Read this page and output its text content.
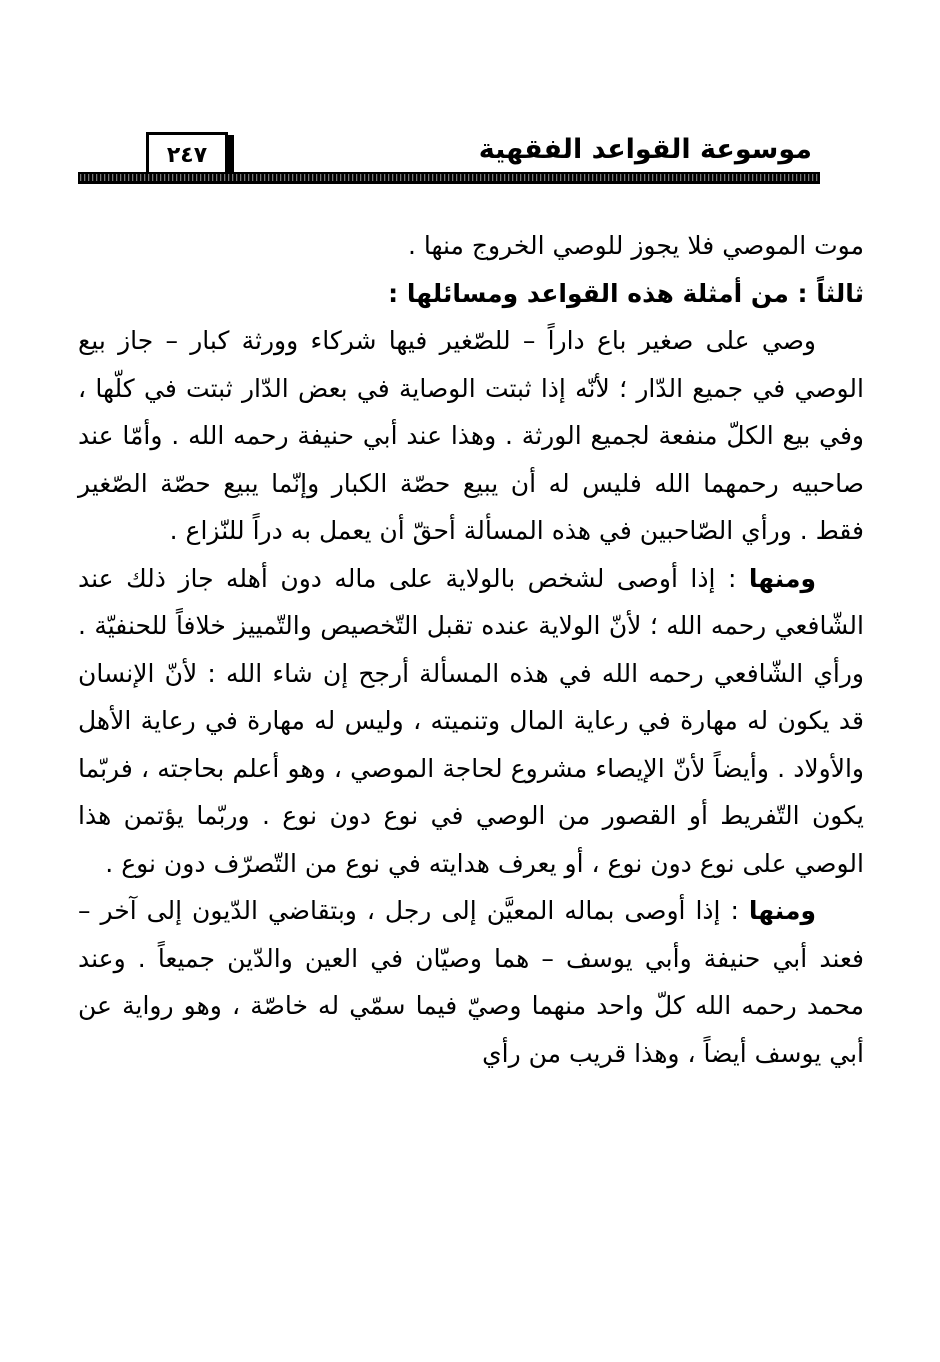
٢٤٧	موسوعة القواعد الفقهية

موت الموصي فلا يجوز للوصي الخروج منها .

ثالثاً : من أمثلة هذه القواعد ومسائلها :

وصي على صغير باع داراً – للصّغير فيها شركاء وورثة كبار – جاز بيع الوصي في جميع الدّار ؛ لأنّه إذا ثبتت الوصاية في بعض الدّار ثبتت في كلّها ، وفي بيع الكلّ منفعة لجميع الورثة . وهذا عند أبي حنيفة رحمه الله . وأمّا عند صاحبيه رحمهما الله فليس له أن يبيع حصّة الكبار وإنّما يبيع حصّة الصّغير فقط . ورأي الصّاحبين في هذه المسألة أحقّ أن يعمل به دراً للنّزاع .

ومنها : إذا أوصى لشخص بالولاية على ماله دون أهله جاز ذلك عند الشّافعي رحمه الله ؛ لأنّ الولاية عنده تقبل التّخصيص والتّمييز خلافاً للحنفيّة . ورأي الشّافعي رحمه الله في هذه المسألة أرجح إن شاء الله : لأنّ الإنسان قد يكون له مهارة في رعاية المال وتنميته ، وليس له مهارة في رعاية الأهل والأولاد . وأيضاً لأنّ الإيصاء مشروع لحاجة الموصي ، وهو أعلم بحاجته ، فربّما يكون التّفريط أو القصور من الوصي في نوع دون نوع . وربّما يؤتمن هذا الوصي على نوع دون نوع ، أو يعرف هدايته في نوع من التّصرّف دون نوع .

ومنها : إذا أوصى بماله المعيَّن إلى رجل ، وبتقاضي الدّيون إلى آخر – فعند أبي حنيفة وأبي يوسف – هما وصيّان في العين والدّين جميعاً . وعند محمد رحمه الله كلّ واحد منهما وصيّ فيما سمّي له خاصّة ، وهو رواية عن أبي يوسف أيضاً ، وهذا قريب من رأي
